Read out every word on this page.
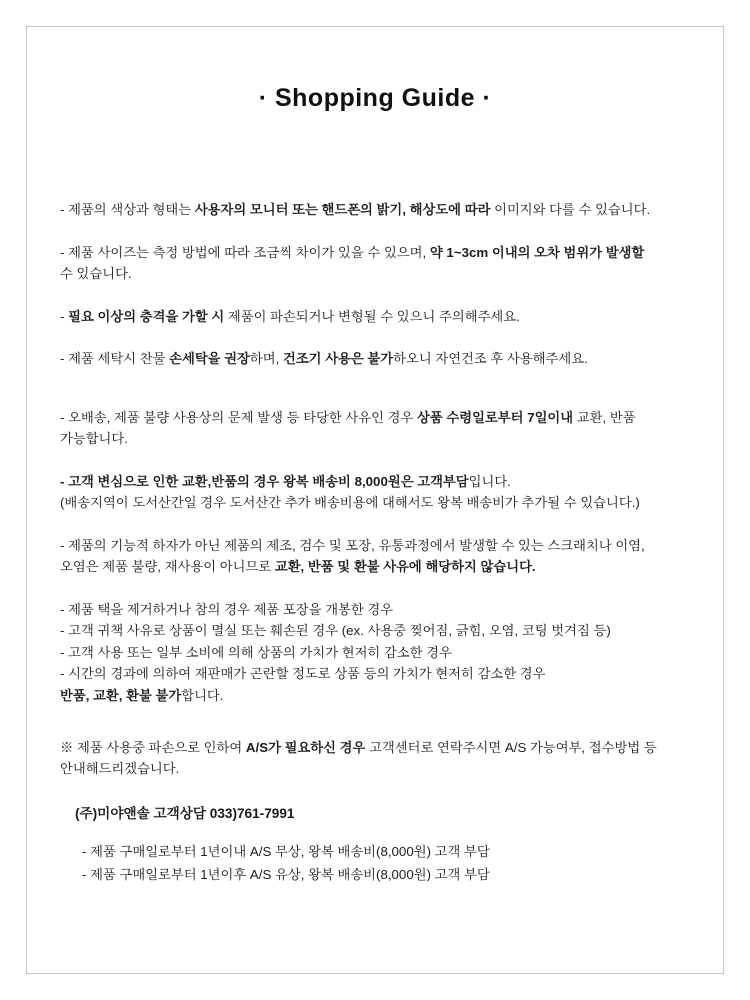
· Shopping Guide ·
- 제품의 색상과 형태는 사용자의 모니터 또는 핸드폰의 밝기, 해상도에 따라 이미지와 다를 수 있습니다.
- 제품 사이즈는 측정 방법에 따라 조금씩 차이가 있을 수 있으며, 약 1~3cm 이내의 오차 범위가 발생할
수 있습니다.
- 필요 이상의 충격을 가할 시 제품이 파손되거나 변형될 수 있으니 주의해주세요.
- 제품 세탁시 찬물 손세탁을 권장하며, 건조기 사용은 불가하오니 자연건조 후 사용해주세요.
- 오배송, 제품 불량 사용상의 문제 발생 등 타당한 사유인 경우 상품 수령일로부터 7일이내 교환, 반품
가능합니다.
- 고객 변심으로 인한 교환,반품의 경우 왕복 배송비 8,000원은 고객부담입니다.
(배송지역이 도서산간일 경우 도서산간 추가 배송비용에 대해서도 왕복 배송비가 추가될 수 있습니다.)
- 제품의 기능적 하자가 아닌 제품의 제조, 검수 및 포장, 유통과정에서 발생할 수 있는 스크래치나 이염,
오염은 제품 불량, 재사용이 아니므로 교환, 반품 및 환불 사유에 해당하지 않습니다.
- 제품 택을 제거하거나 참의 경우 제품 포장을 개봉한 경우
- 고객 귀책 사유로 상품이 멸실 또는 훼손된 경우 (ex. 사용중 찢어짐, 긁힘, 오염, 코팅 벗겨짐 등)
- 고객 사용 또는 일부 소비에 의해 상품의 가치가 현저히 감소한 경우
- 시간의 경과에 의하여 재판매가 곤란할 정도로 상품 등의 가치가 현저히 감소한 경우
반품, 교환, 환불 불가합니다.
※ 제품 사용중 파손으로 인하여 A/S가 필요하신 경우 고객센터로 연락주시면 A/S 가능여부, 접수방법 등
안내해드리겠습니다.
(주)미야앤솔 고객상담 033)761-7991
- 제품 구매일로부터 1년이내 A/S 무상, 왕복 배송비(8,000원) 고객 부담
- 제품 구매일로부터 1년이후 A/S 유상, 왕복 배송비(8,000원) 고객 부담
